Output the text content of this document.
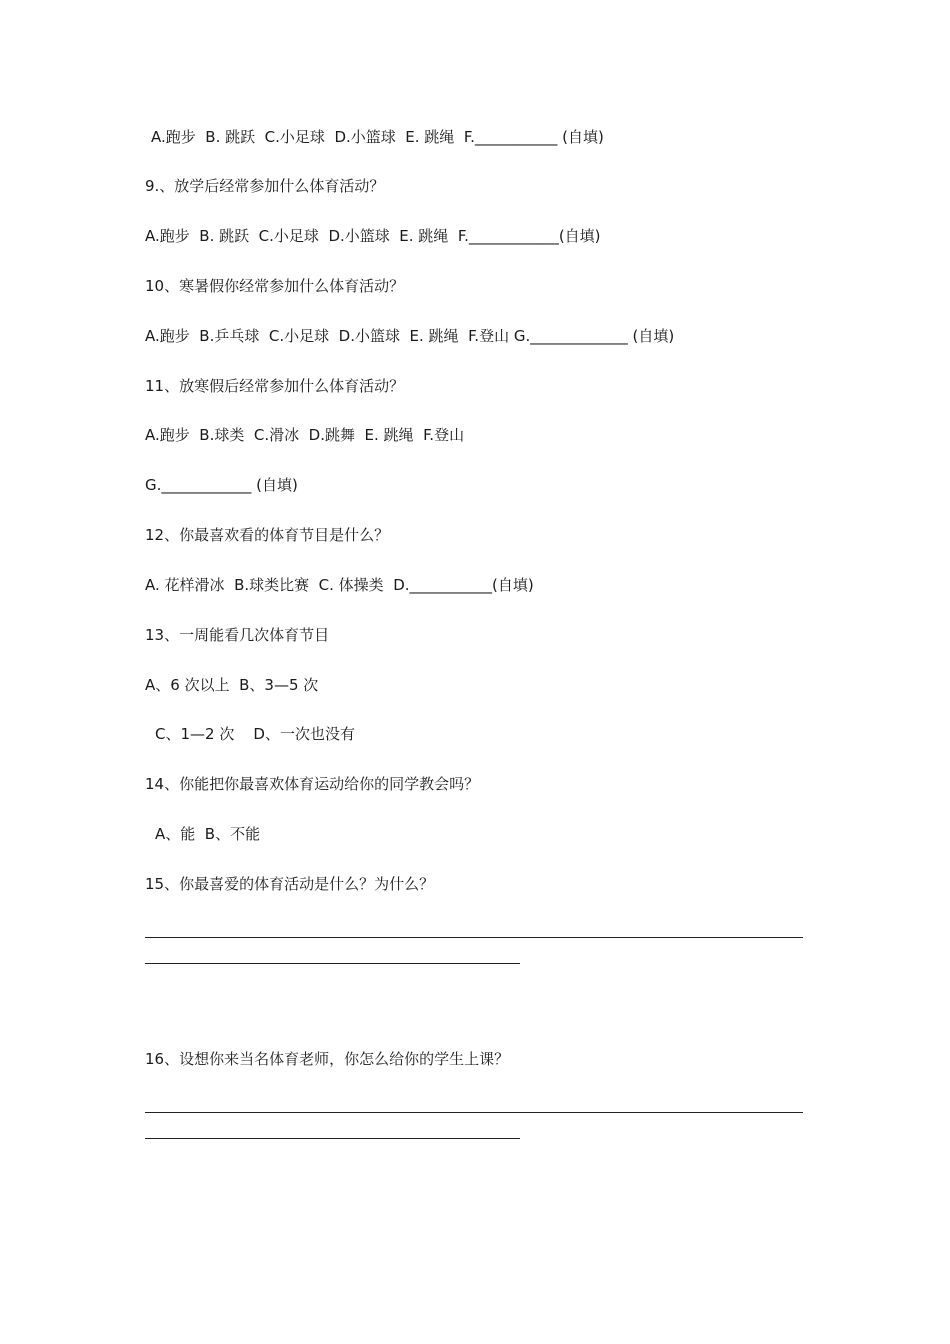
A.跑步  B. 跳跃  C.小足球  D.小篮球  E. 跳绳  F.___________ (自填)
9.、放学后经常参加什么体育活动？
A.跑步  B. 跳跃  C.小足球  D.小篮球  E. 跳绳  F.____________(自填)
10、寒暑假你经常参加什么体育活动？
A.跑步  B.乒乓球  C.小足球  D.小篮球  E. 跳绳  F.登山 G._____________ (自填)
11、放寒假后经常参加什么体育活动？
A.跑步  B.球类  C.滑冰  D.跳舞  E. 跳绳  F.登山
G.____________ (自填)
12、你最喜欢看的体育节目是什么？
A. 花样滑冰  B.球类比赛  C. 体操类  D.___________(自填)
13、一周能看几次体育节目
A、6 次以上  B、3—5 次
C、1—2 次    D、一次也没有
14、你能把你最喜欢体育运动给你的同学教会吗？
A、能  B、不能
15、你最喜爱的体育活动是什么？为什么？
16、设想你来当名体育老师，你怎么给你的学生上课？
